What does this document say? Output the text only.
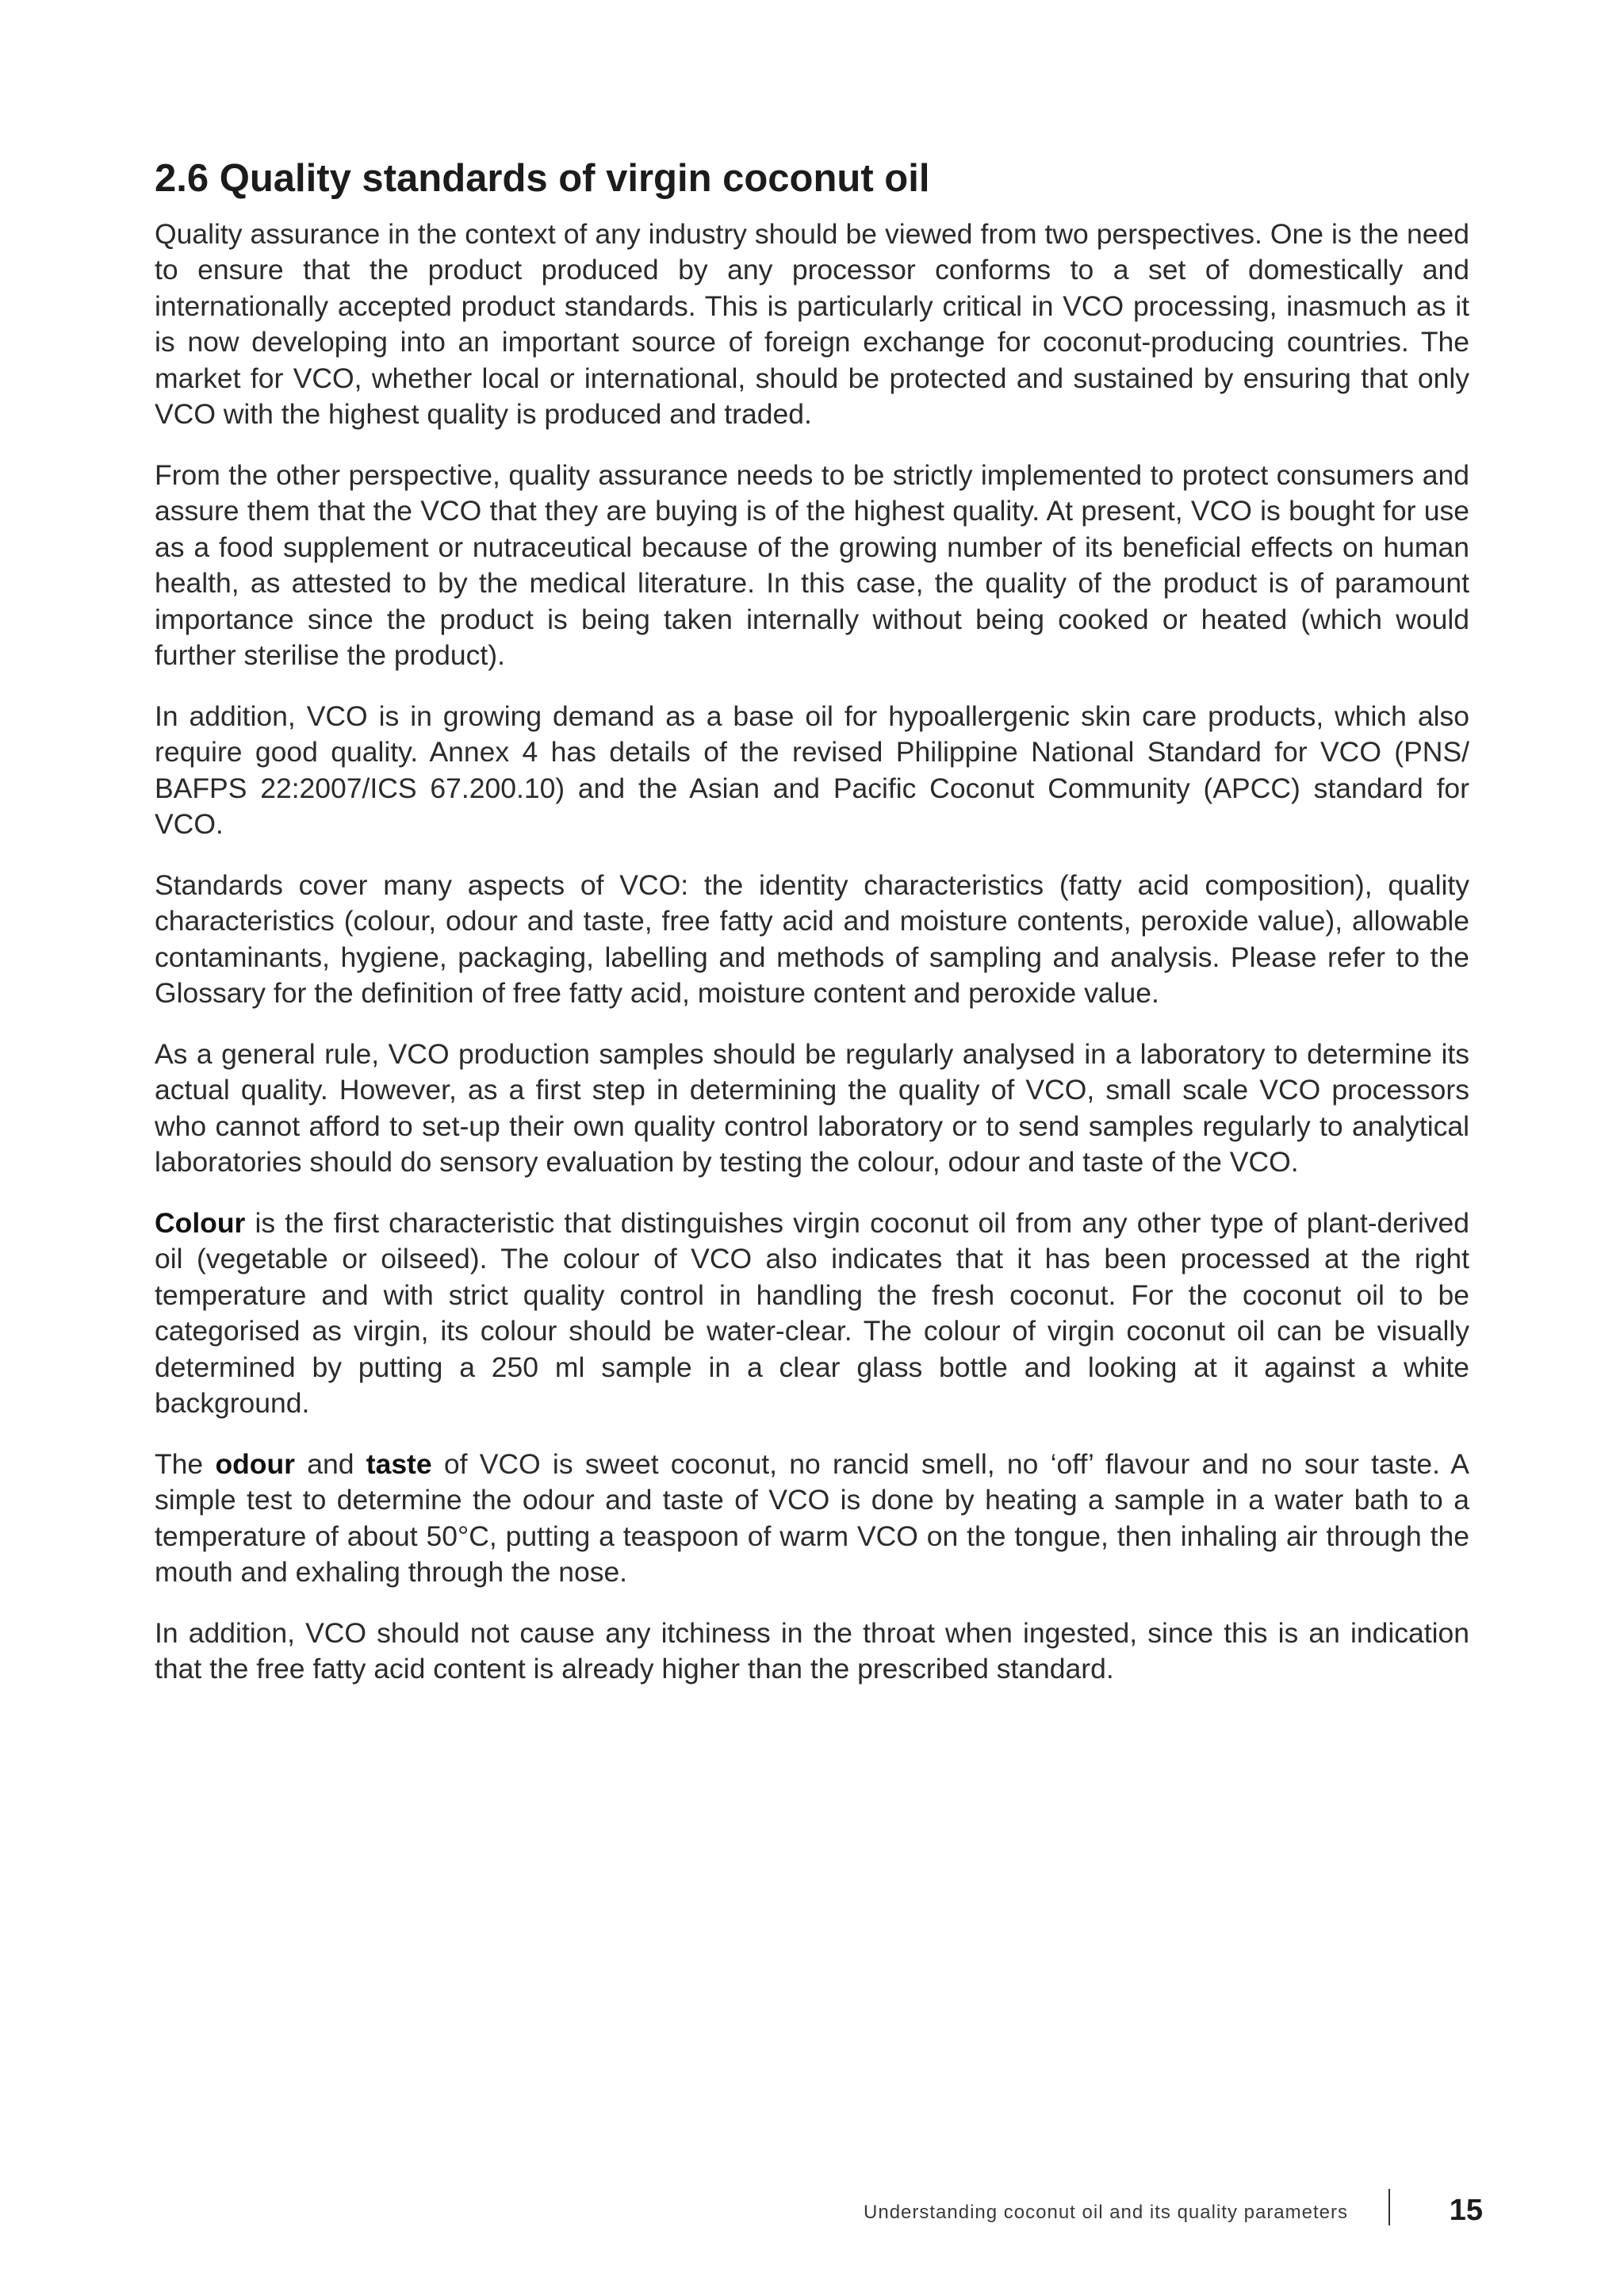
2.6 Quality standards of virgin coconut oil

Quality assurance in the context of any industry should be viewed from two perspectives. One is the need to ensure that the product produced by any processor conforms to a set of domestically and internationally accepted product standards. This is particularly critical in VCO processing, inasmuch as it is now developing into an important source of foreign exchange for coconut-producing countries. The market for VCO, whether local or international, should be protected and sustained by ensuring that only VCO with the highest quality is produced and traded.

From the other perspective, quality assurance needs to be strictly implemented to protect consumers and assure them that the VCO that they are buying is of the highest quality. At present, VCO is bought for use as a food supplement or nutraceutical because of the growing number of its beneficial effects on human health, as attested to by the medical literature. In this case, the quality of the product is of paramount importance since the product is being taken internally without being cooked or heated (which would further sterilise the product).

In addition, VCO is in growing demand as a base oil for hypoallergenic skin care products, which also require good quality. Annex 4 has details of the revised Philippine National Standard for VCO (PNS/ BAFPS 22:2007/ICS 67.200.10) and the Asian and Pacific Coconut Community (APCC) standard for VCO.

Standards cover many aspects of VCO: the identity characteristics (fatty acid composition), quality characteristics (colour, odour and taste, free fatty acid and moisture contents, peroxide value), allowable contaminants, hygiene, packaging, labelling and methods of sampling and analysis. Please refer to the Glossary for the definition of free fatty acid, moisture content and peroxide value.

As a general rule, VCO production samples should be regularly analysed in a laboratory to determine its actual quality. However, as a first step in determining the quality of VCO, small scale VCO processors who cannot afford to set-up their own quality control laboratory or to send samples regularly to analytical laboratories should do sensory evaluation by testing the colour, odour and taste of the VCO.

Colour is the first characteristic that distinguishes virgin coconut oil from any other type of plant-derived oil (vegetable or oilseed). The colour of VCO also indicates that it has been processed at the right temperature and with strict quality control in handling the fresh coconut. For the coconut oil to be categorised as virgin, its colour should be water-clear. The colour of virgin coconut oil can be visually determined by putting a 250 ml sample in a clear glass bottle and looking at it against a white background.

The odour and taste of VCO is sweet coconut, no rancid smell, no ‘off’ flavour and no sour taste. A simple test to determine the odour and taste of VCO is done by heating a sample in a water bath to a temperature of about 50°C, putting a teaspoon of warm VCO on the tongue, then inhaling air through the mouth and exhaling through the nose.

In addition, VCO should not cause any itchiness in the throat when ingested, since this is an indication that the free fatty acid content is already higher than the prescribed standard.

Understanding coconut oil and its quality parameters	15
